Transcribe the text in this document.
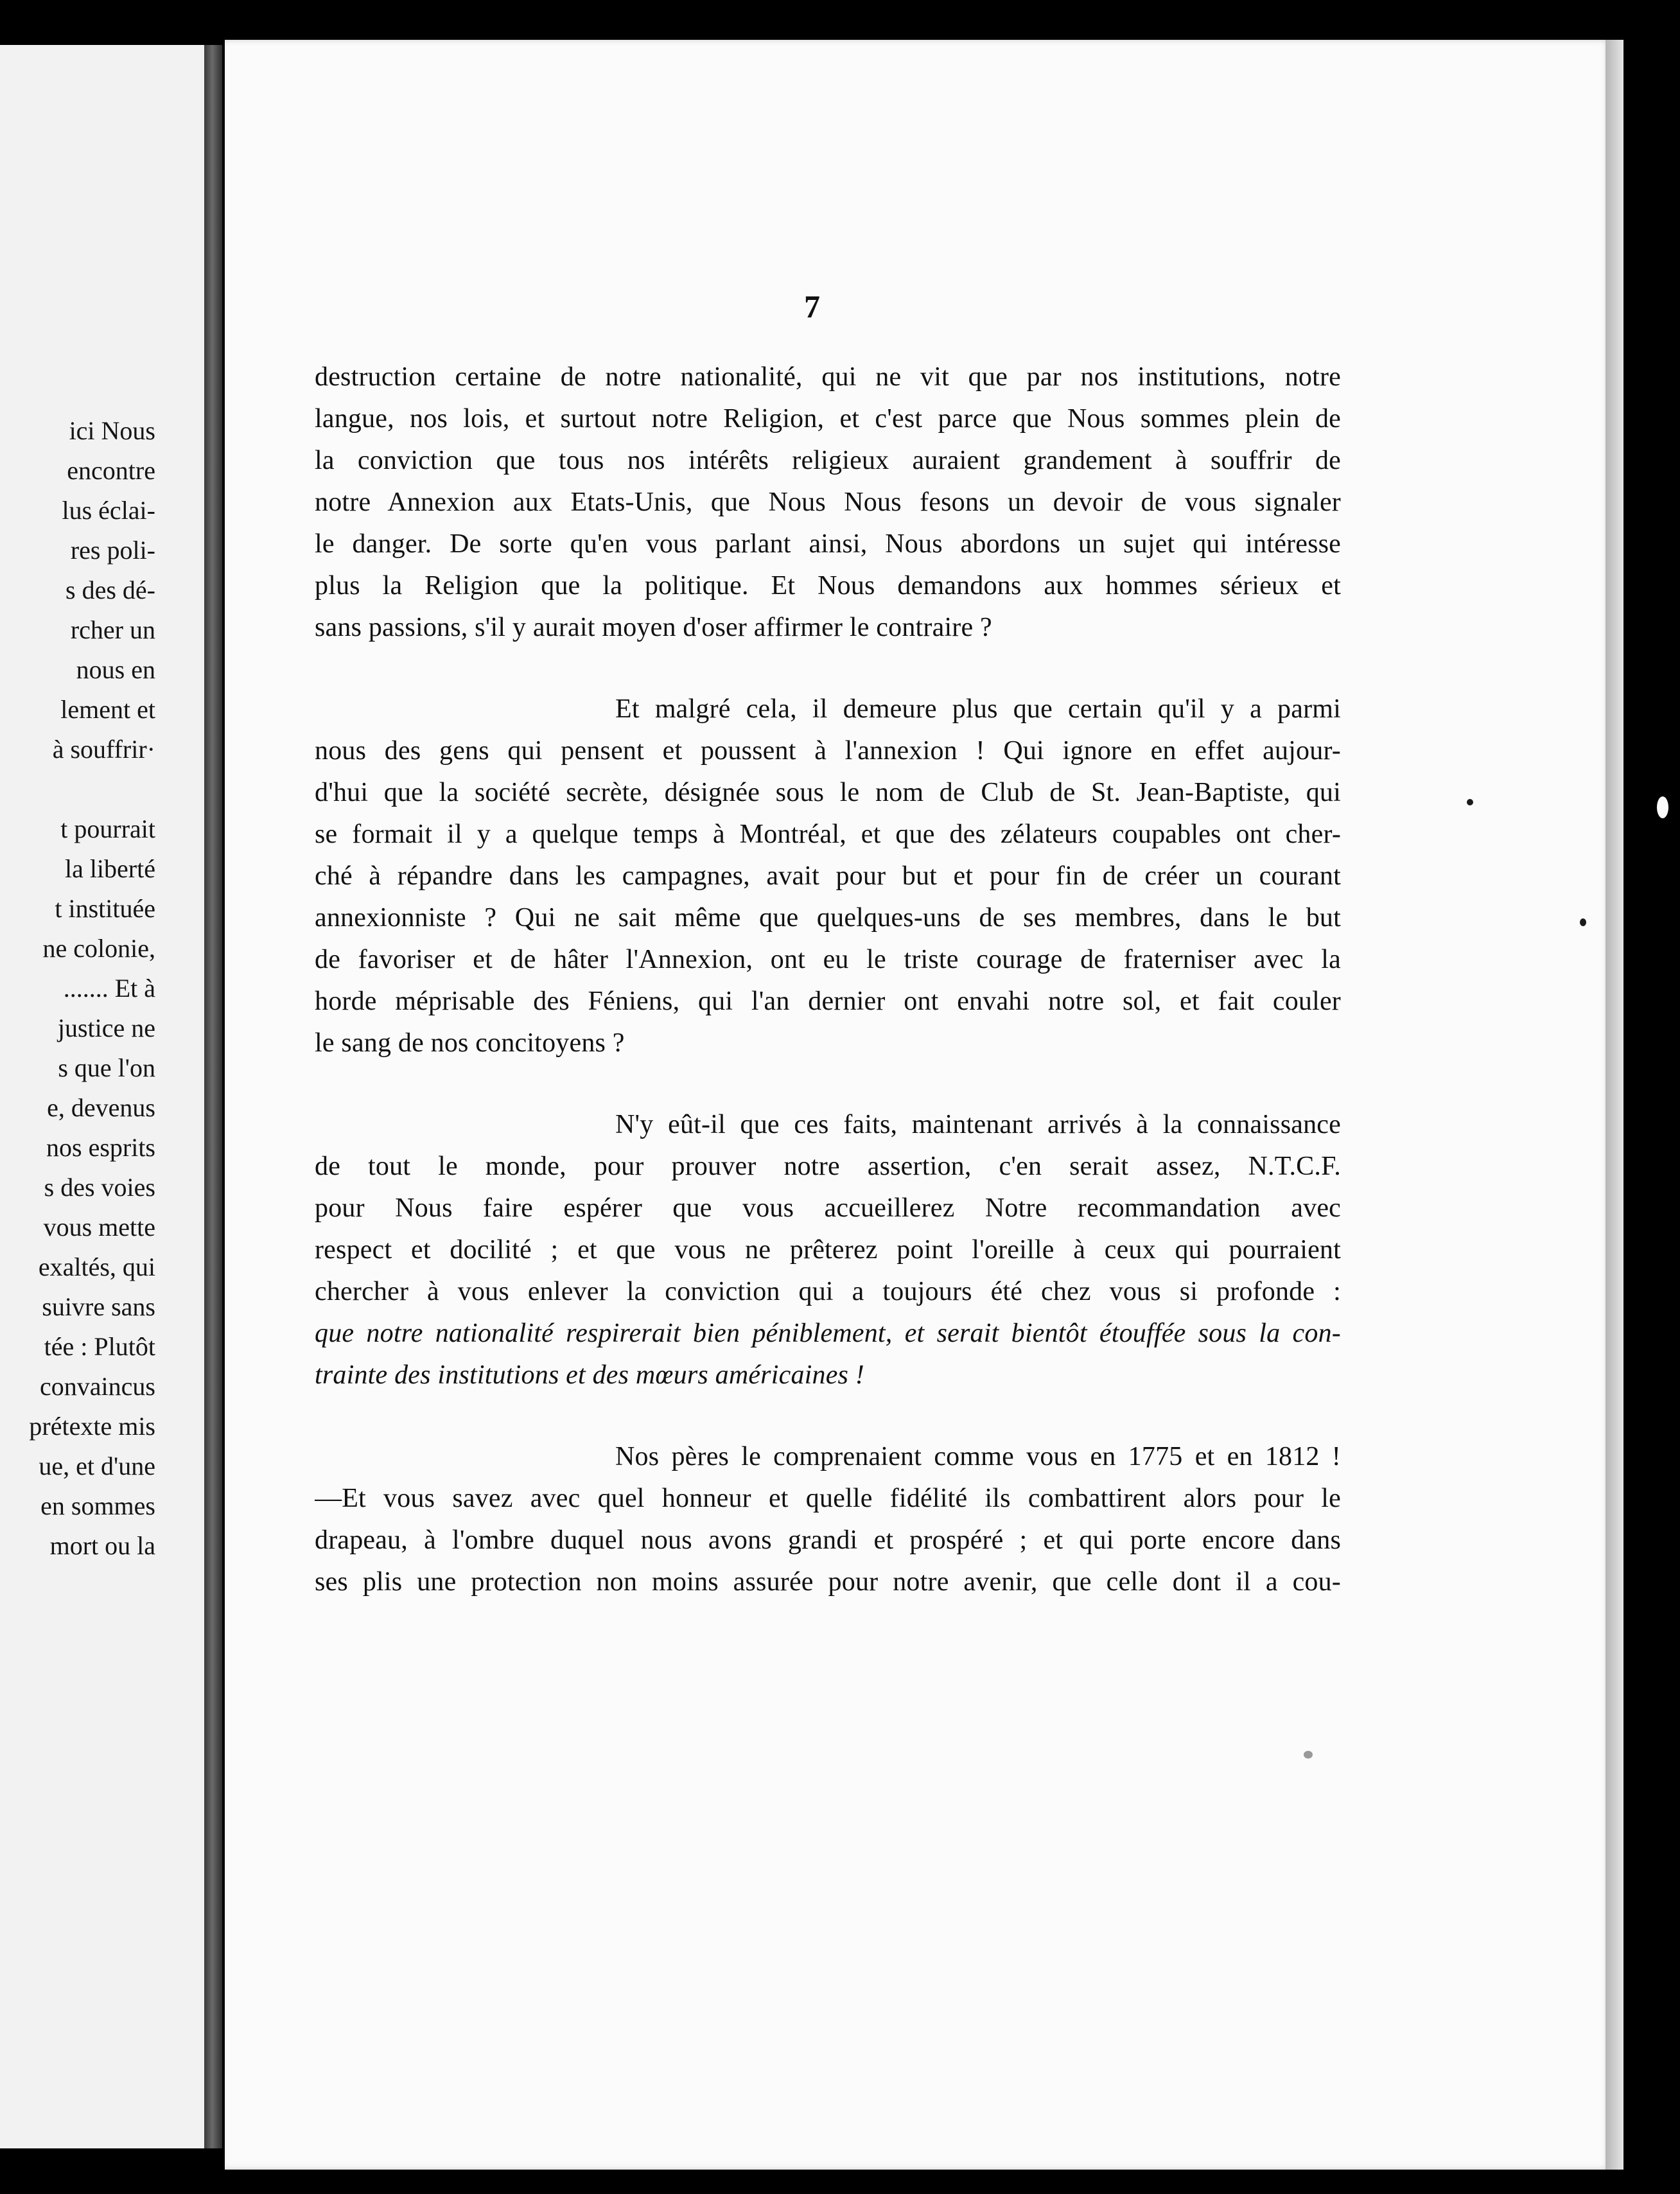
ici Nous
encontre
lus éclai-
res poli-
s des dé-
rcher un
nous en
lement et
à souffrir·
t pourrait
la liberté
t instituée
ne colonie,
....... Et à
justice ne
s que l'on
e, devenus
nos esprits
s des voies
vous mette
exaltés, qui
suivre sans
tée : Plutôt
convaincus
prétexte mis
ue, et d'une
en sommes
mort ou la
7
destruction certaine de notre nationalité, qui ne vit que par nos institutions, notre
langue, nos lois, et surtout notre Religion, et c'est parce que Nous sommes plein de
la conviction que tous nos intérêts religieux auraient grandement à souffrir de
notre Annexion aux Etats-Unis, que Nous Nous fesons un devoir de vous signaler
le danger. De sorte qu'en vous parlant ainsi, Nous abordons un sujet qui intéresse
plus la Religion que la politique. Et Nous demandons aux hommes sérieux et
sans passions, s'il y aurait moyen d'oser affirmer le contraire ?
Et malgré cela, il demeure plus que certain qu'il y a parmi
nous des gens qui pensent et poussent à l'annexion ! Qui ignore en effet aujour-
d'hui que la société secrète, désignée sous le nom de Club de St. Jean-Baptiste, qui
se formait il y a quelque temps à Montréal, et que des zélateurs coupables ont cher-
ché à répandre dans les campagnes, avait pour but et pour fin de créer un courant
annexionniste ? Qui ne sait même que quelques-uns de ses membres, dans le but
de favoriser et de hâter l'Annexion, ont eu le triste courage de fraterniser avec la
horde méprisable des Féniens, qui l'an dernier ont envahi notre sol, et fait couler
le sang de nos concitoyens ?
N'y eût-il que ces faits, maintenant arrivés à la connaissance
de tout le monde, pour prouver notre assertion, c'en serait assez, N.T.C.F.
pour Nous faire espérer que vous accueillerez Notre recommandation avec
respect et docilité ; et que vous ne prêterez point l'oreille à ceux qui pourraient
chercher à vous enlever la conviction qui a toujours été chez vous si profonde :
que notre nationalité respirerait bien péniblement, et serait bientôt étouffée sous la con-
trainte des institutions et des mœurs américaines !
Nos pères le comprenaient comme vous en 1775 et en 1812 !
—Et vous savez avec quel honneur et quelle fidélité ils combattirent alors pour le
drapeau, à l'ombre duquel nous avons grandi et prospéré ; et qui porte encore dans
ses plis une protection non moins assurée pour notre avenir, que celle dont il a cou-
